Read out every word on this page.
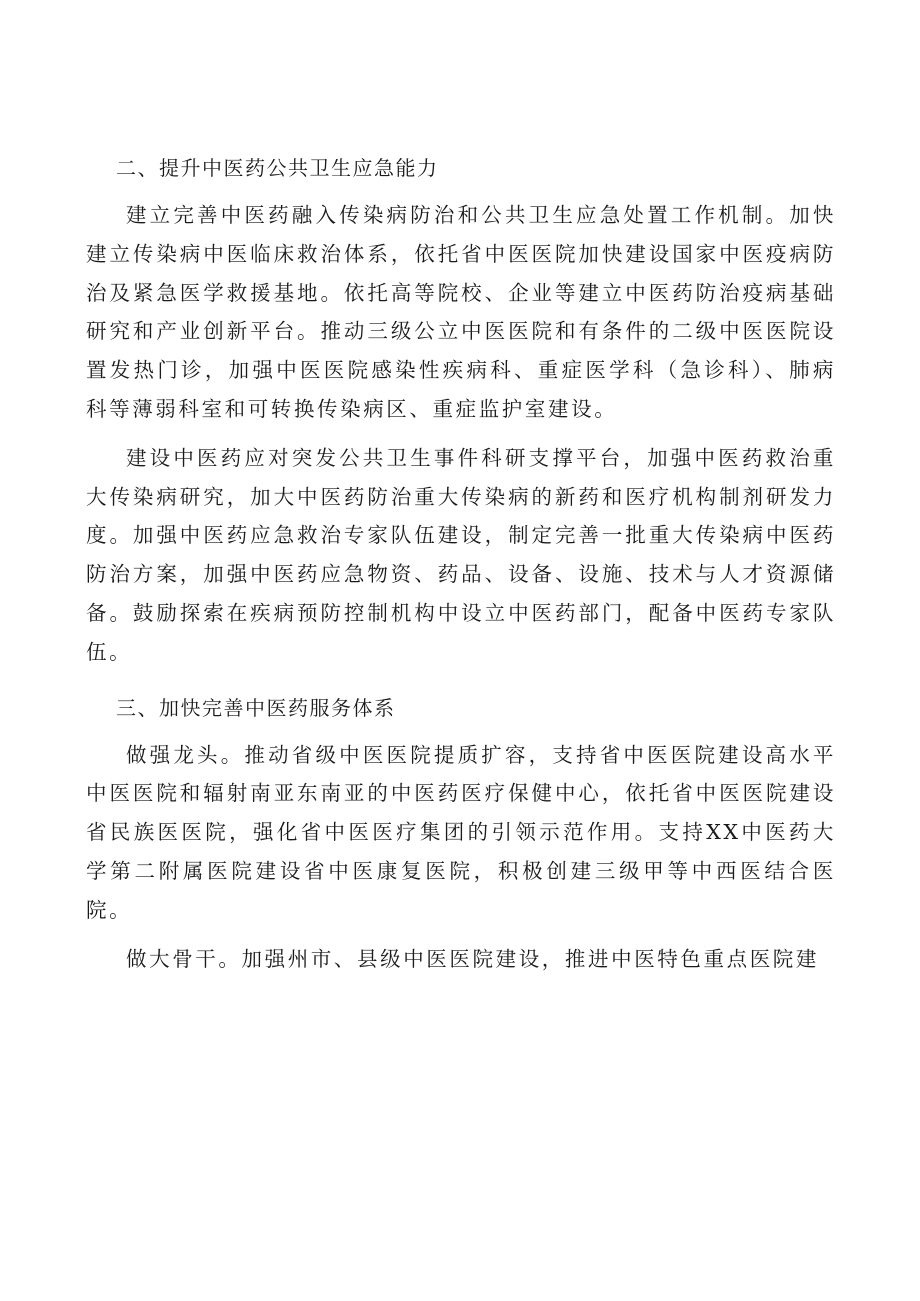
二、提升中医药公共卫生应急能力

建立完善中医药融入传染病防治和公共卫生应急处置工作机制。加快建立传染病中医临床救治体系，依托省中医医院加快建设国家中医疫病防治及紧急医学救援基地。依托高等院校、企业等建立中医药防治疫病基础研究和产业创新平台。推动三级公立中医医院和有条件的二级中医医院设置发热门诊，加强中医医院感染性疾病科、重症医学科（急诊科）、肺病科等薄弱科室和可转换传染病区、重症监护室建设。

建设中医药应对突发公共卫生事件科研支撑平台，加强中医药救治重大传染病研究，加大中医药防治重大传染病的新药和医疗机构制剂研发力度。加强中医药应急救治专家队伍建设，制定完善一批重大传染病中医药防治方案，加强中医药应急物资、药品、设备、设施、技术与人才资源储备。鼓励探索在疾病预防控制机构中设立中医药部门，配备中医药专家队伍。

三、加快完善中医药服务体系

做强龙头。推动省级中医医院提质扩容，支持省中医医院建设高水平中医医院和辐射南亚东南亚的中医药医疗保健中心，依托省中医医院建设省民族医医院，强化省中医医疗集团的引领示范作用。支持XX中医药大学第二附属医院建设省中医康复医院，积极创建三级甲等中西医结合医院。

做大骨干。加强州市、县级中医医院建设，推进中医特色重点医院建
